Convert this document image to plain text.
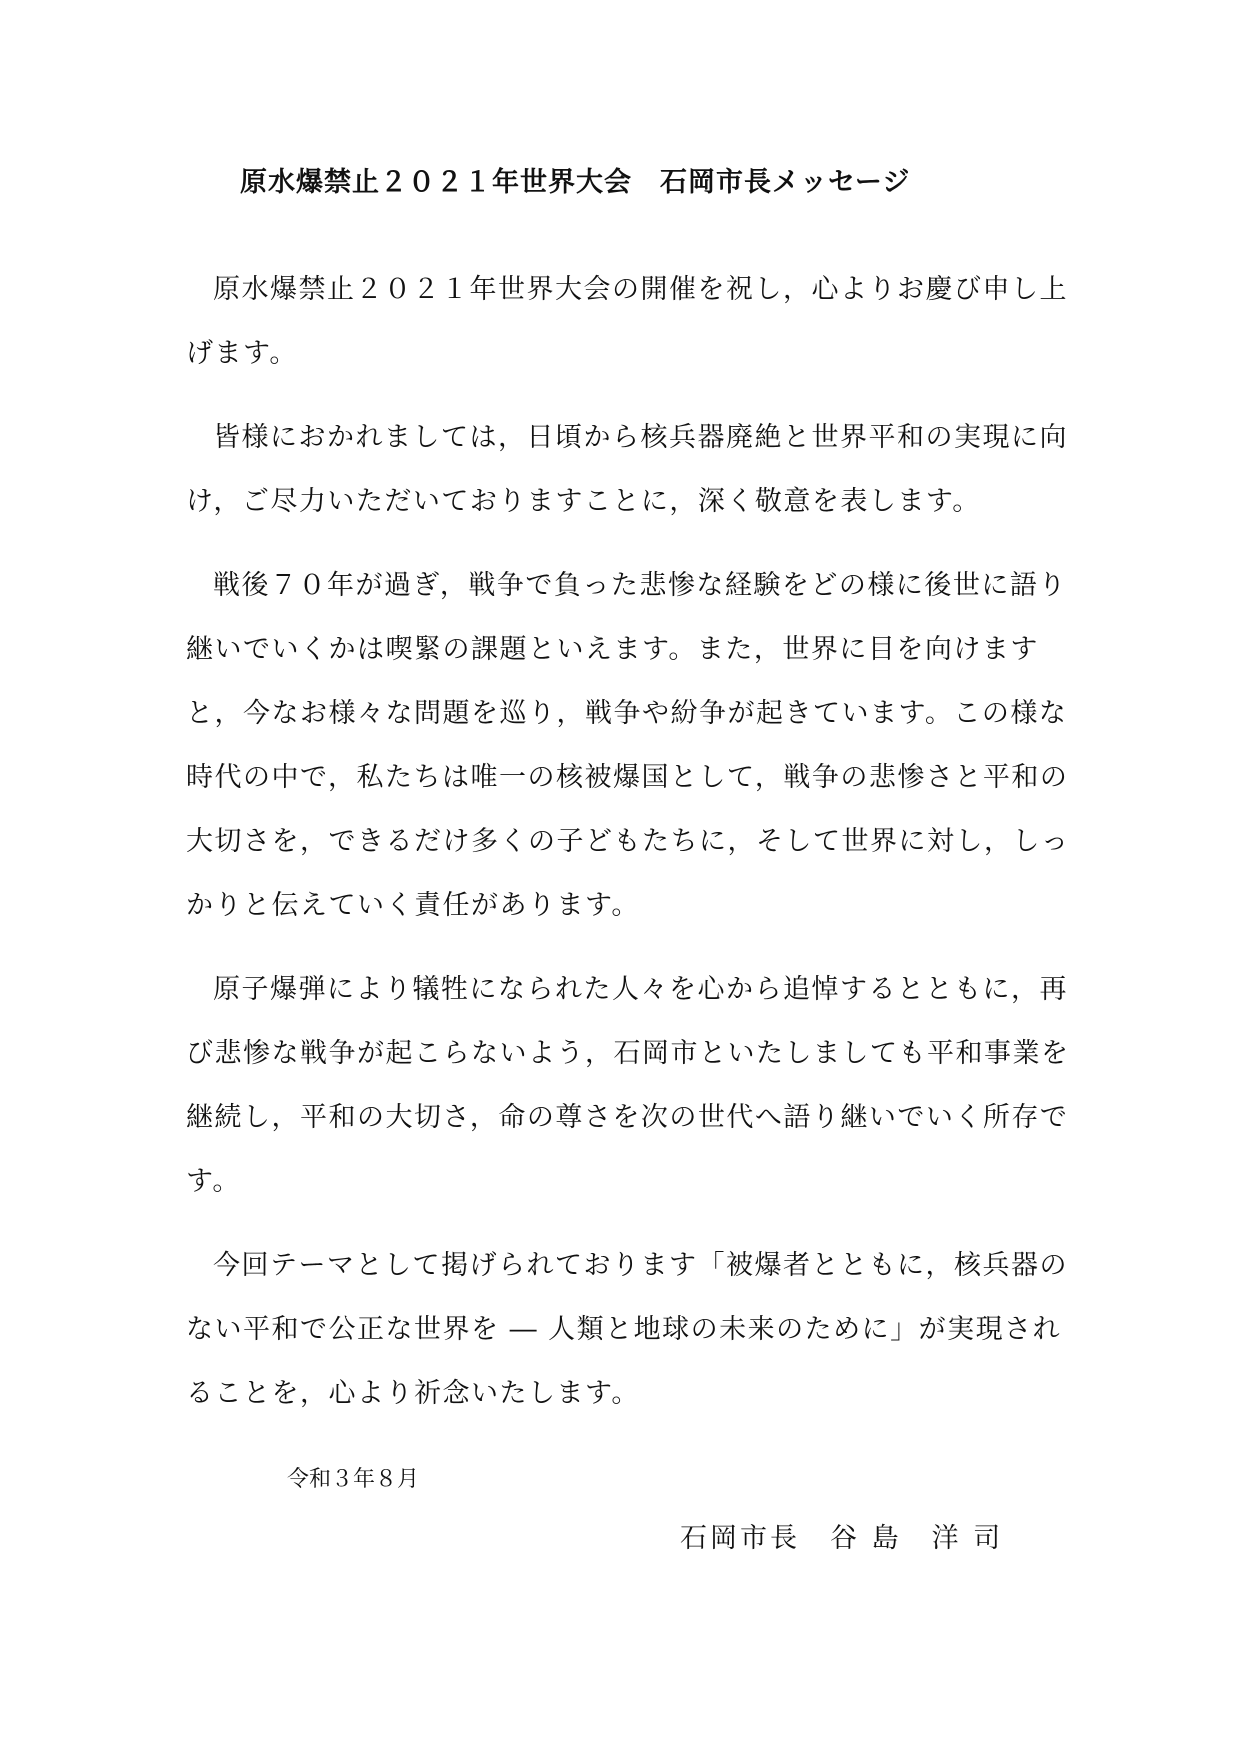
原水爆禁止２０２１年世界大会　石岡市長メッセージ

原水爆禁止２０２１年世界大会の開催を祝し，心よりお慶び申し上げます。

皆様におかれましては，日頃から核兵器廃絶と世界平和の実現に向け，ご尽力いただいておりますことに，深く敬意を表します。

戦後７０年が過ぎ，戦争で負った悲惨な経験をどの様に後世に語り継いでいくかは喫緊の課題といえます。また，世界に目を向けますと，今なお様々な問題を巡り，戦争や紛争が起きています。この様な時代の中で，私たちは唯一の核被爆国として，戦争の悲惨さと平和の大切さを，できるだけ多くの子どもたちに，そして世界に対し，しっかりと伝えていく責任があります。

原子爆弾により犠牲になられた人々を心から追悼するとともに，再び悲惨な戦争が起こらないよう，石岡市といたしましても平和事業を継続し，平和の大切さ，命の尊さを次の世代へ語り継いでいく所存です。

今回テーマとして掲げられております「被爆者とともに，核兵器のない平和で公正な世界を ― 人類と地球の未来のために」が実現されることを，心より祈念いたします。

令和３年８月
石岡市長　谷 島　洋 司
